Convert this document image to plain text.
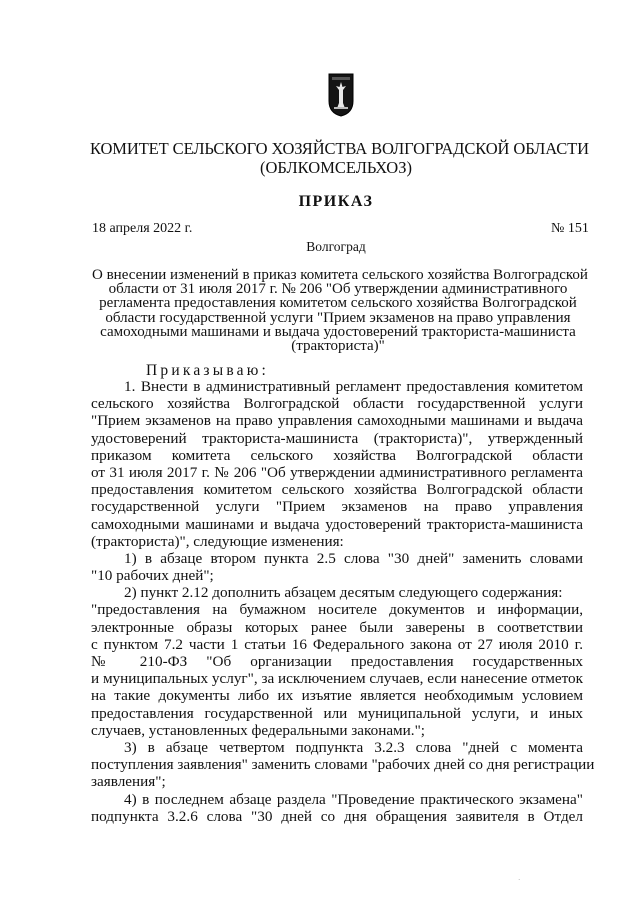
КОМИТЕТ СЕЛЬСКОГО ХОЗЯЙСТВА ВОЛГОГРАДСКОЙ ОБЛАСТИ
(ОБЛКОМСЕЛЬХОЗ)
ПРИКАЗ
18 апреля 2022 г.	№ 151
Волгоград
О внесении изменений в приказ комитета сельского хозяйства Волгоградской
области от 31 июля 2017 г. № 206 "Об утверждении административного
регламента предоставления комитетом сельского хозяйства Волгоградской
области государственной услуги "Прием экзаменов на право управления
самоходными машинами и выдача удостоверений тракториста-машиниста
(тракториста)"
Приказываю:
1. Внести в административный регламент предоставления комитетом
сельского хозяйства Волгоградской области государственной услуги
"Прием экзаменов на право управления самоходными машинами и выдача
удостоверений тракториста-машиниста (тракториста)", утвержденный
приказом комитета сельского хозяйства Волгоградской области
от 31 июля 2017 г. № 206 "Об утверждении административного регламента
предоставления комитетом сельского хозяйства Волгоградской области
государственной услуги "Прием экзаменов на право управления
самоходными машинами и выдача удостоверений тракториста-машиниста
(тракториста)", следующие изменения:
1) в абзаце втором пункта 2.5 слова "30 дней" заменить словами
"10 рабочих дней";
2) пункт 2.12 дополнить абзацем десятым следующего содержания:
"предоставления на бумажном носителе документов и информации,
электронные образы которых ранее были заверены в соответствии
с пунктом 7.2 части 1 статьи 16 Федерального закона от 27 июля 2010 г.
№ 210-ФЗ "Об организации предоставления государственных
и муниципальных услуг", за исключением случаев, если нанесение отметок
на такие документы либо их изъятие является необходимым условием
предоставления государственной или муниципальной услуги, и иных
случаев, установленных федеральными законами.";
3) в абзаце четвертом подпункта 3.2.3 слова "дней с момента
поступления заявления" заменить словами "рабочих дней со дня регистрации
заявления";
4) в последнем абзаце раздела "Проведение практического экзамена"
подпункта 3.2.6 слова "30 дней со дня обращения заявителя в Отдел
·
